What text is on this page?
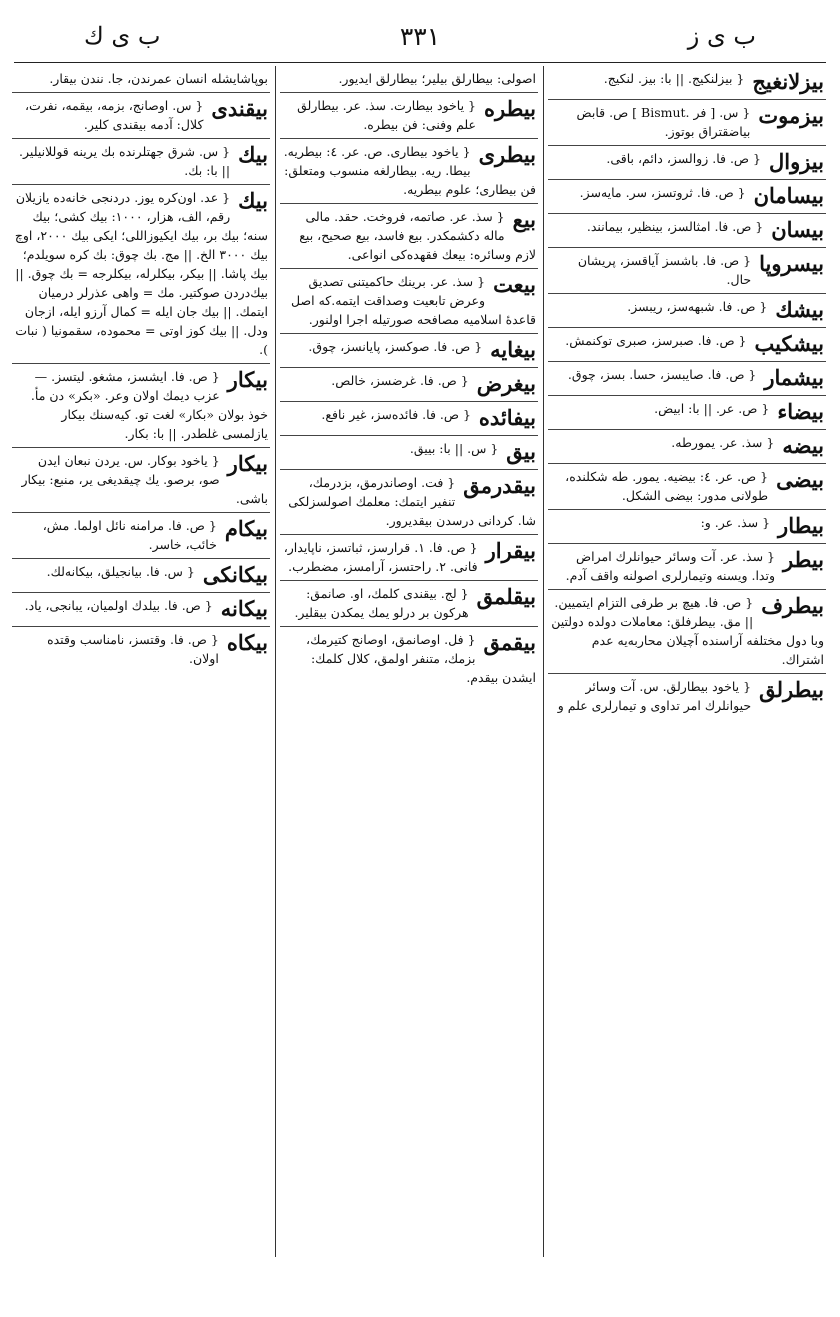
ب ى ز
٣٣١
ب ى ك
بيزلانغيج
{ بيزلنكيج. || با: بيز. لنكيج.
بيزموت
{ س. [ فر .Bismut ] ص. قابض بياضقتراق بوتوز.
بيزوال
{ ص. فا. زوالسز، دائم، باقى.
بيسامان
{ ص. فا. ثروتسز، سر. مايه‌سز.
بيسان
{ ص. فا. امثالسز، بينظير، بيمانند.
بيسروپا
{ ص. فا. باشسز آياقسز، پريشان حال.
بيشك
{ ص. فا. شبهه‌سز، ريبسز.
بيشكيب
{ ص. فا. صبرسز، صبرى توكنمش.
بيشمار
{ ص. فا. صايبسز، حسا. بسز، چوق.
بيضاء
{ ص. عر. || با: ابيض.
بيضه
{ سذ. عر. يمورطه.
بيضى
{ ص. عر. ٤: بيضيه. يمور. طه شكلنده، طولانى مدور: بيضى الشكل.
بيطار
{ سذ. عر. و:
بيطر
{ سذ. عر. آت وسائر حيوانلرك امراض وتدا. ويسنه وتيمارلرى اصولنه واقف آدم.
بيطرف
{ ص. فا. هيچ بر طرفى التزام ايتميين. || مق. بيطرفلق: معاملات دولده دولتين وبا دول مختلفه آراسنده آچيلان محاربه‌يه عدم اشتراك.
بيطرلق
{ ياخود بيطارلق. س. آت وسائر حيوانلرك امر تداوى و تيمارلرى علم و
اصولى: بيطارلق بيلير؛ بيطارلق ايديور.
بيطره
{ ياخود بيطارت. سذ. عر. بيطارلق علم وفنى: فن بيطره.
بيطرى
{ ياخود بيطارى. ص. عر. ٤: بيطريه. بيطا. ريه. بيطارلغه منسوب ومتعلق: فن بيطارى؛ علوم بيطريه.
بيع
{ سذ. عر. صاتمه، فروخت. حقد. مالى ماله دكشمكدر. بيع فاسد، بيع صحيح، بيع لازم وسائره: بيعك فقهده‌كى انواعى.
بيعت
{ سذ. عر. برينك حاكميتنى تصديق وعرض تابعيت وصداقت ايتمه.كه اصل قاعدهٔ اسلاميه مصافحه صورتيله اجرا اولنور.
بيغايه
{ ص. فا. صوكسز، پايانسز، چوق.
بيغرض
{ ص. فا. غرضسز، خالص.
بيفائده
{ ص. فا. فائده‌سز، غير نافع.
بيق
{ س. || با: بييق.
بيقدرمق
{ فت. اوصاندرمق، بزدرمك، تنفير ايتمك: معلمك اصولسزلكى شا. كردانى درسدن بيقديرور.
بيقرار
{ ص. فا. ١. قرارسز، ثباتسز، ناپايدار، فانى. ٢. راحتسز، آرامسز، مضطرب.
بيقلمق
{ لج. بيقندى كلمك، او. صانمق: هركون بر درلو يمك يمكدن بيقلير.
بيقمق
{ فل. اوصانمق، اوصانج كتيرمك، بزمك، متنفر اولمق، كلال كلمك: ايشدن بيقدم.
بوپاشايشله انسان عمرندن، جا. نندن بيقار.
بيقندى
{ س. اوصانج، بزمه، بيقمه، نفرت، كلال: آدمه بيقندى كلير.
بيك
{ س. شرق جهتلرنده بك يرينه قوللانيلير. || با: بك.
بيك
{ عد. اون‌كره يوز. دردنجى خانه‌ده يازيلان رقم، الف، هزار، ١٠٠٠: بيك كشى؛ بيك سنه؛ بيك بر، بيك ايكيوزاللى؛ ايكى بيك ٢٠٠٠، اوچ بيك ٣٠٠٠ الخ. || مج. بك چوق: بك كره سويلدم؛ بيك پاشا. || بيكر، بيكلرله، بيكلرجه = بك چوق. || بيك‌دردن صوكتير. مك = واهى عذرلر درميان ايتمك. || بيك جان ايله = كمال آرزو ايله، ازجان ودل. || بيك كوز اوتى = محموده، سقمونيا ( نبات ).
بيكار
{ ص. فا. ايشسز، مشغو. ليتسز. — عزب ديمك اولان وعر. «بكر» دن مأ. خوذ بولان «بكار» لغت تو. كيه‌سنك بيكار يازلمسى غلطدر. || با: بكار.
بيكار
{ ياخود بوكار. س. يردن نبعان ايدن صو، برصو. يك چيقديغى ير، منبع: بيكار باشى.
بيكام
{ ص. فا. مرامنه نائل اولما. مش، خائب، خاسر.
بيكانكى
{ س. فا. بيانجيلق، بيكانه‌لك.
بيكانه
{ ص. فا. بيلدك اولميان، يبانجى، ياد.
بيكاه
{ ص. فا. وقتسز، نامناسب وقتده اولان.
